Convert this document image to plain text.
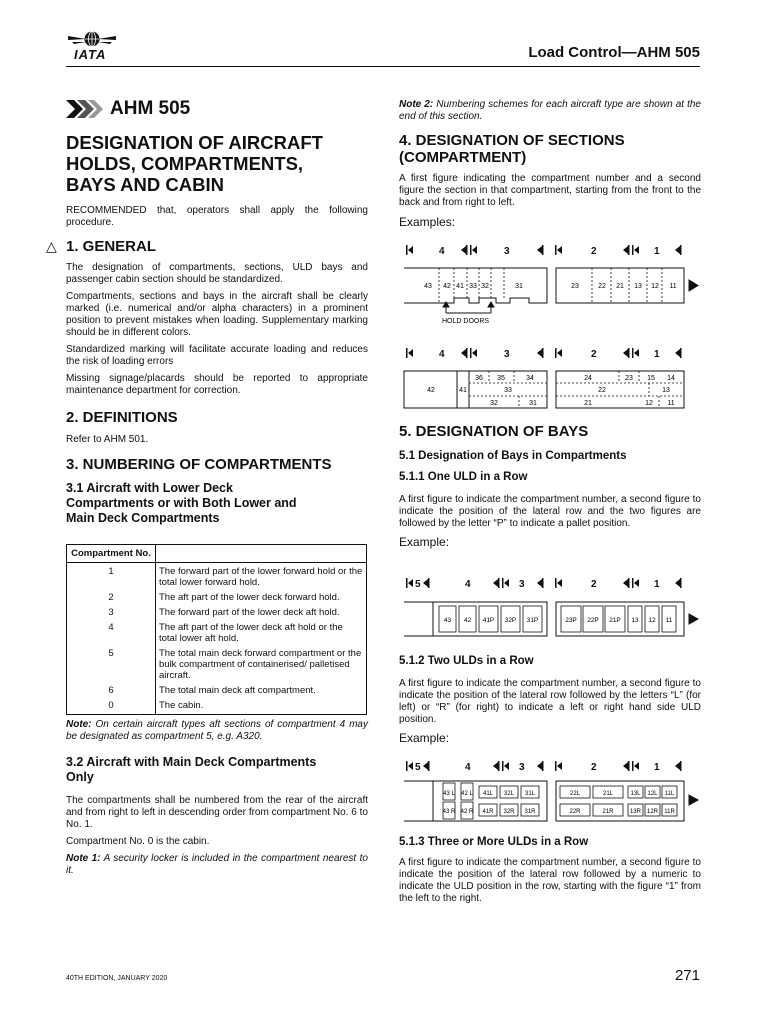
IATA	Load Control—AHM 505
AHM 505
DESIGNATION OF AIRCRAFT
HOLDS, COMPARTMENTS,
BAYS AND CABIN

RECOMMENDED that, operators shall apply the following procedure.

△ 1. GENERAL

The designation of compartments, sections, ULD bays and passenger cabin section should be standardized.

Compartments, sections and bays in the aircraft shall be clearly marked (i.e. numerical and/or alpha characters) in a prominent position to prevent mistakes when loading. Supplementary marking should be in different colors.

Standardized marking will facilitate accurate loading and reduces the risk of loading errors

Missing signage/placards should be reported to appropriate maintenance department for correction.

2. DEFINITIONS

Refer to AHM 501.

3. NUMBERING OF COMPARTMENTS

3.1 Aircraft with Lower Deck Compartments or with Both Lower and Main Deck Compartments

Compartment No.	
1	The forward part of the lower forward hold or the total lower forward hold.
2	The aft part of the lower deck forward hold.
3	The forward part of the lower deck aft hold.
4	The aft part of the lower deck aft hold or the total lower aft hold.
5	The total main deck forward compartment or the bulk compartment of containerised/ palletised aircraft.
6	The total main deck aft compartment.
0	The cabin.
Note: On certain aircraft types aft sections of compartment 4 may be designated as compartment 5, e.g. A320.

3.2 Aircraft with Main Deck Compartments Only

The compartments shall be numbered from the rear of the aircraft and from right to left in descending order from compartment No. 6 to No. 1.

Compartment No. 0 is the cabin.

Note 1: A security locker is included in the compartment nearest to it.
Note 2: Numbering schemes for each aircraft type are shown at the end of this section.

4. DESIGNATION OF SECTIONS (COMPARTMENT)

A first figure indicating the compartment number and a second figure the section in that compartment, starting from the front to the back and from right to left.

Examples:

4	3	2	1
43 42 41 33 32	31	23	22 21 13 12 11
HOLD DOORS
4	3	2	1
42	41
36 35	34
33
32	31
24	23 15 14
22	13
21	12 11

5. DESIGNATION OF BAYS

5.1 Designation of Bays in Compartments

5.1.1 One ULD in a Row

A first figure to indicate the compartment number, a second figure to indicate the position of the lateral row and the two figures are followed by the letter “P” to indicate a pallet position.

Example:

5	4	3	2	1
43 42 41P 32P 31P	23P 22P 21P 13 12 11

5.1.2 Two ULDs in a Row

A first figure to indicate the compartment number, a second figure to indicate the position of the lateral row followed by the letters “L” (for left) or “R” (for right) to indicate a left or right hand side ULD position.

Example:

5	4	3	2	1
43 L 42 L 41L 32L 31L	22L	21L	13L 12L 11L
43 R 42 R 41R 32R 31R	22R	21R	13R 12R 11R

5.1.3 Three or More ULDs in a Row

A first figure to indicate the compartment number, a second figure to indicate the position of the lateral row followed by a numeric to indicate the ULD position in the row, starting with the figure “1” from the left to the right.

40TH EDITION, JANUARY 2020	271
